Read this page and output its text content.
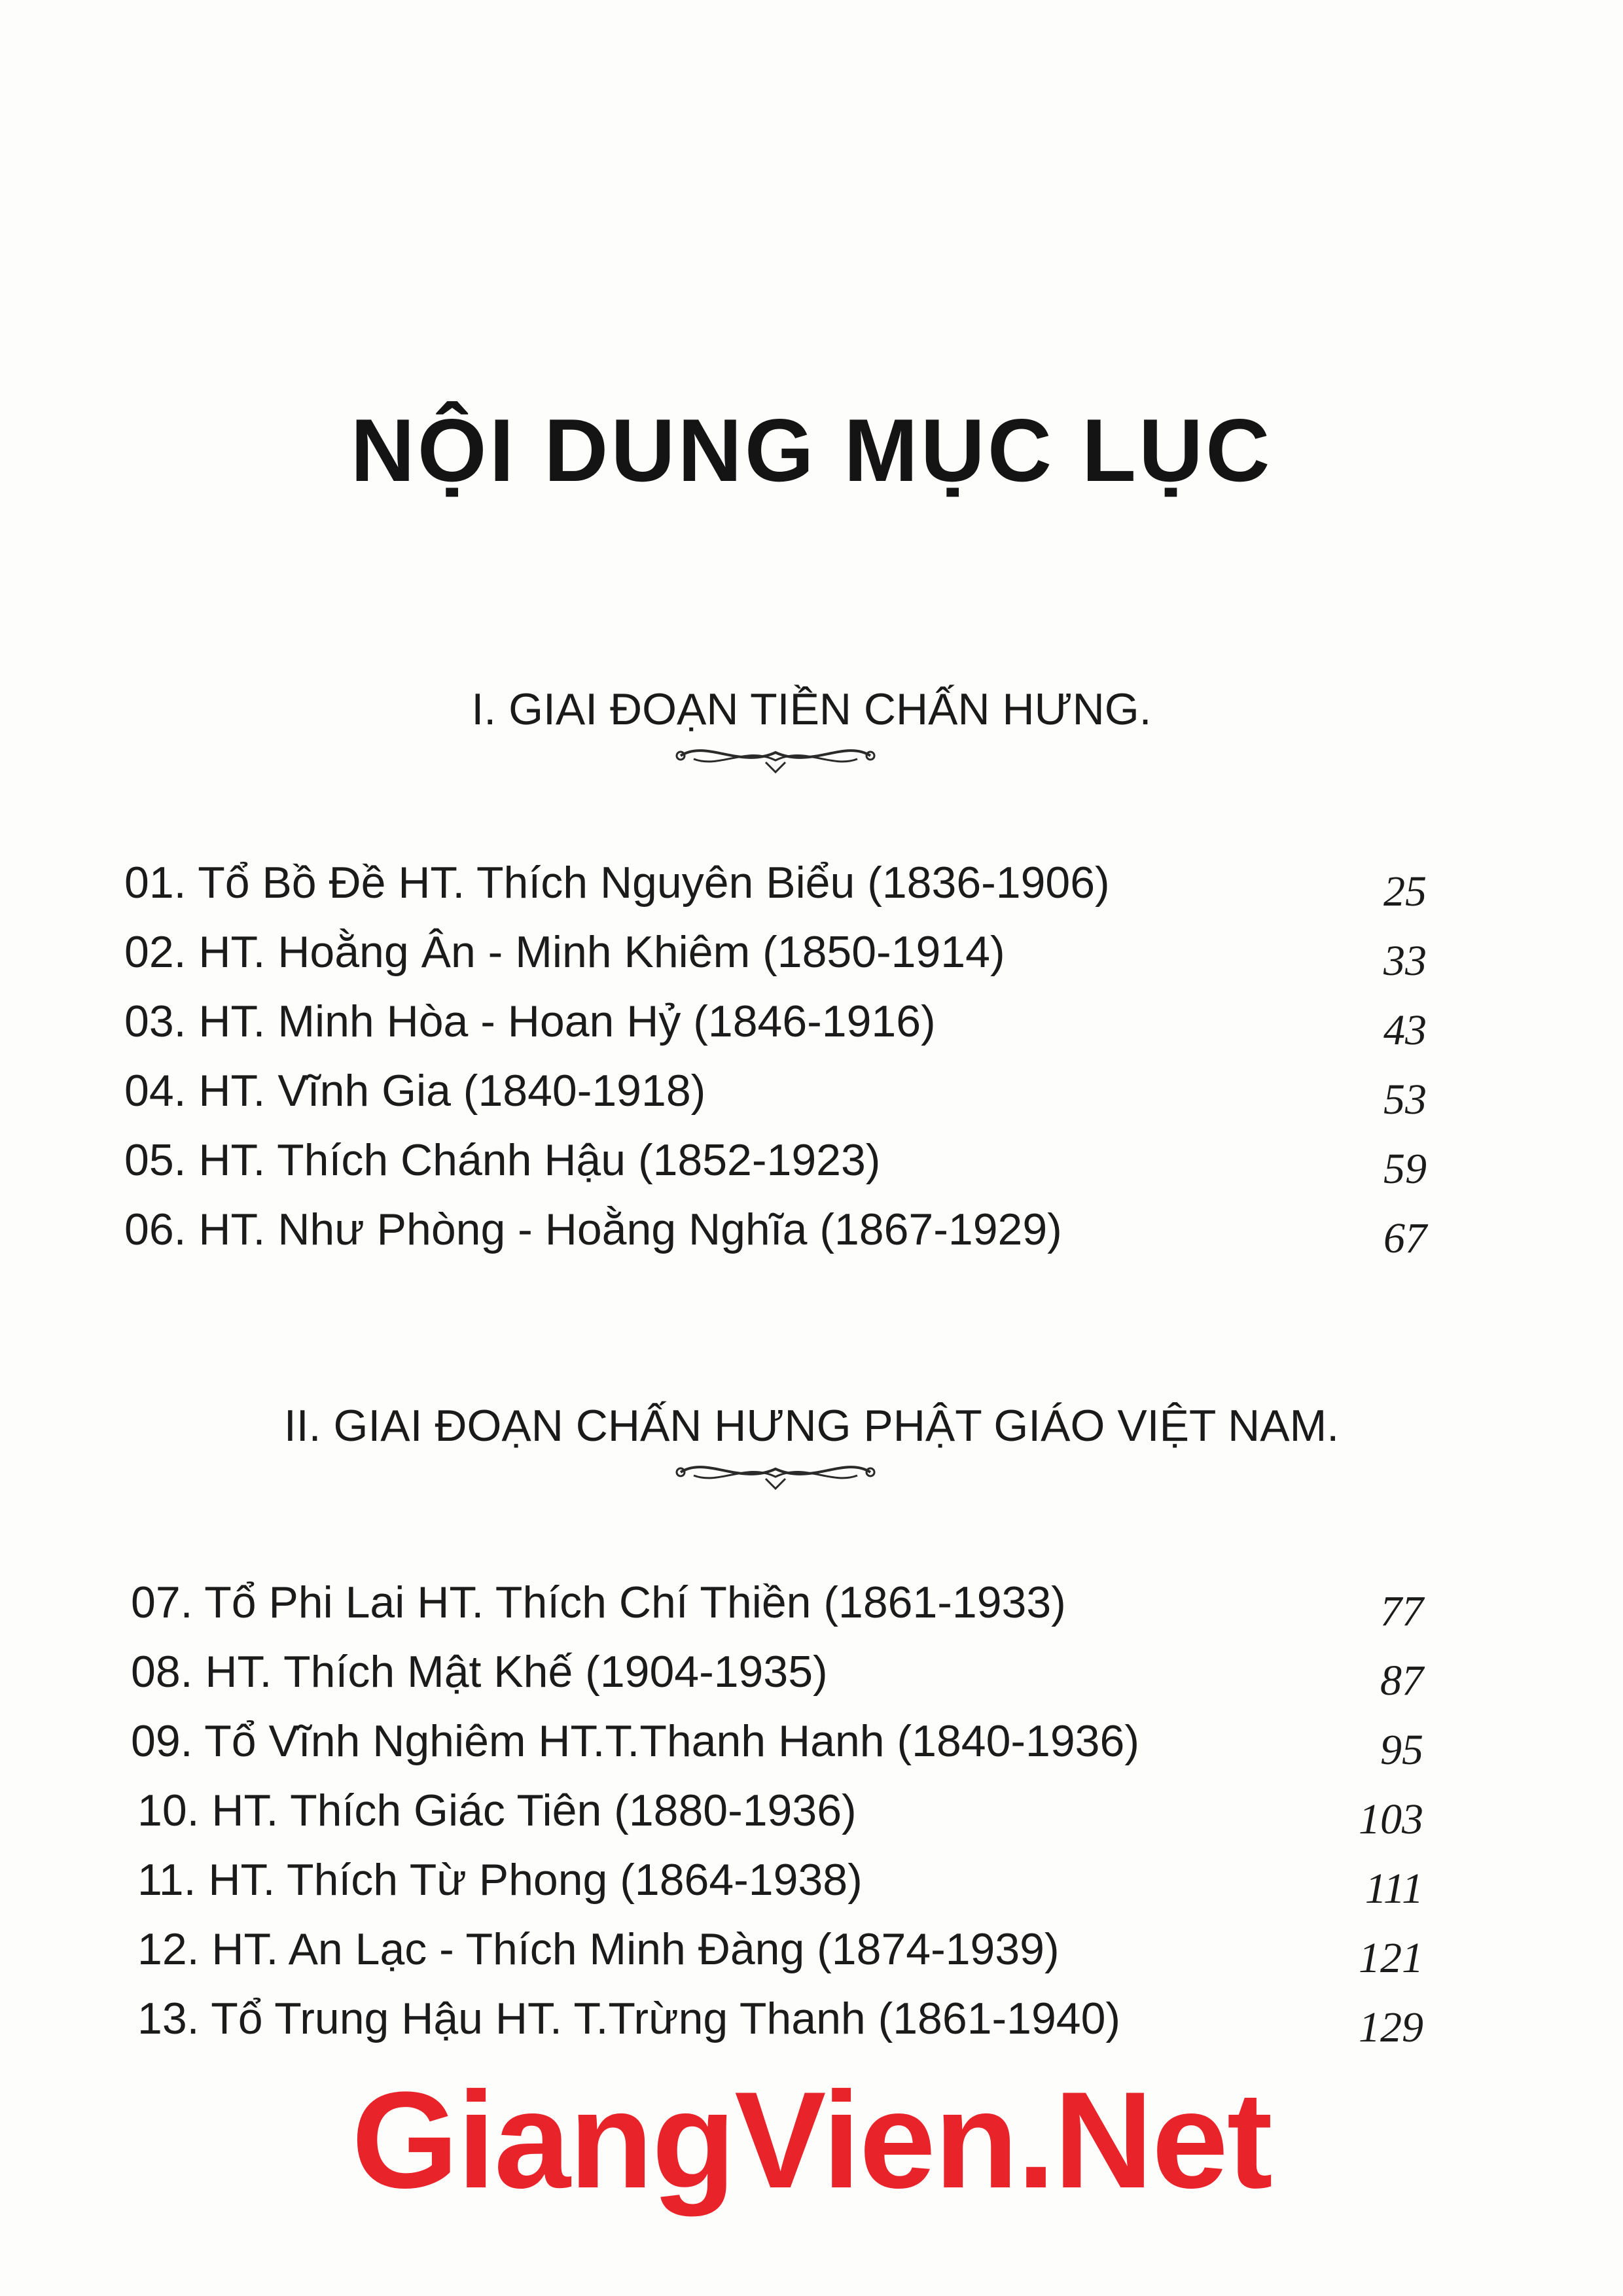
NỘI DUNG MỤC LỤC
I. GIAI ĐOẠN TIỀN CHẤN HƯNG.
01. Tổ Bồ Đề HT. Thích Nguyên Biểu (1836-1906)	25
02. HT. Hoằng Ân - Minh Khiêm (1850-1914)	33
03. HT. Minh Hòa - Hoan Hỷ (1846-1916)	43
04. HT. Vĩnh Gia (1840-1918)	53
05. HT. Thích Chánh Hậu (1852-1923)	59
06. HT. Như Phòng - Hoằng Nghĩa (1867-1929)	67
II. GIAI ĐOẠN CHẤN HƯNG PHẬT GIÁO VIỆT NAM.
07. Tổ Phi Lai HT. Thích Chí Thiền (1861-1933)	77
08. HT. Thích Mật Khế (1904-1935)	87
09. Tổ Vĩnh Nghiêm HT.T.Thanh Hanh (1840-1936)	95
10. HT. Thích Giác Tiên (1880-1936)	103
11. HT. Thích Từ Phong (1864-1938)	111
12. HT. An Lạc - Thích Minh Đàng (1874-1939)	121
13. Tổ Trung Hậu HT. T.Trừng Thanh (1861-1940)	129
GiangVien.Net
